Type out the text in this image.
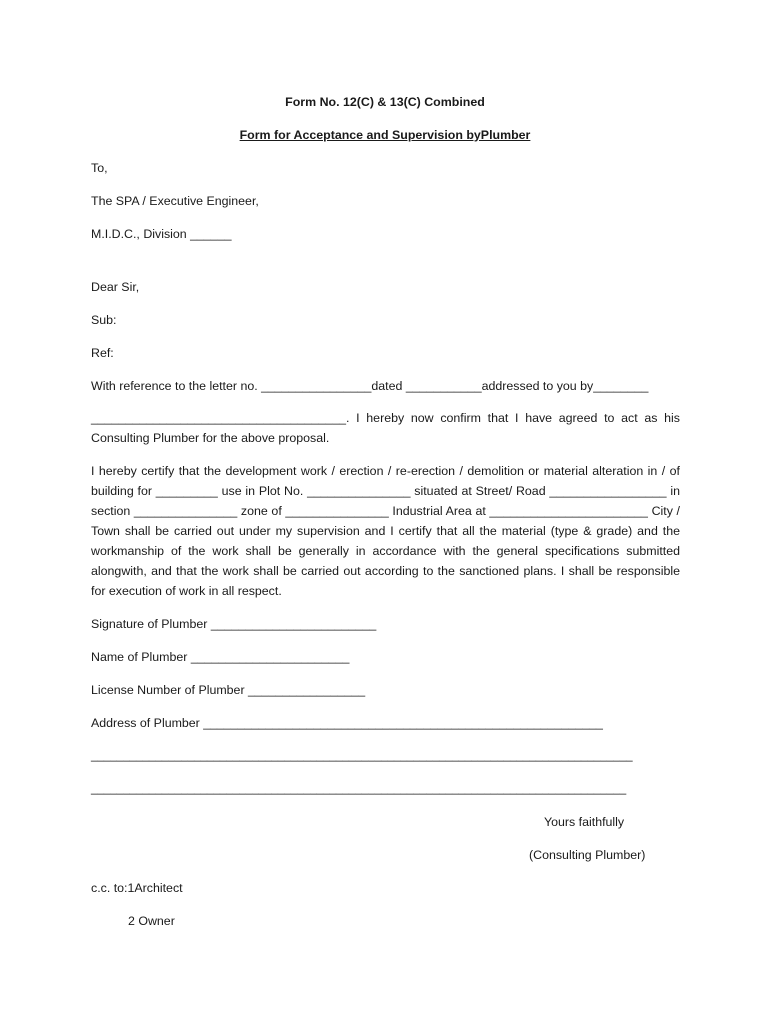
Form No. 12(C) & 13(C) Combined
Form for Acceptance and Supervision byPlumber
To,
The SPA / Executive Engineer,
M.I.D.C., Division ______
Dear Sir,
Sub:
Ref:
With reference to the letter no. ________________dated ___________addressed to you by________
_____________________________________. I hereby now confirm that I have agreed to act as his Consulting Plumber for the above proposal.
I hereby certify that the development work / erection / re-erection / demolition or material alteration in / of building for _________ use in Plot No. _______________ situated at Street/ Road _________________ in section _______________ zone of _______________ Industrial Area at _______________________ City / Town shall be carried out under my supervision and I certify that all the material (type & grade) and the workmanship of the work shall be generally in accordance with the general specifications submitted alongwith, and that the work shall be carried out according to the sanctioned plans. I shall be responsible for execution of work in all respect.
Signature of Plumber ________________________
Name of Plumber _______________________
License Number of Plumber _________________
Address of Plumber __________________________________________________________
____________________________________________________________________________________
___________________________________________________________________________________
Yours faithfully
(Consulting Plumber)
c.c. to:1Architect
2 Owner
